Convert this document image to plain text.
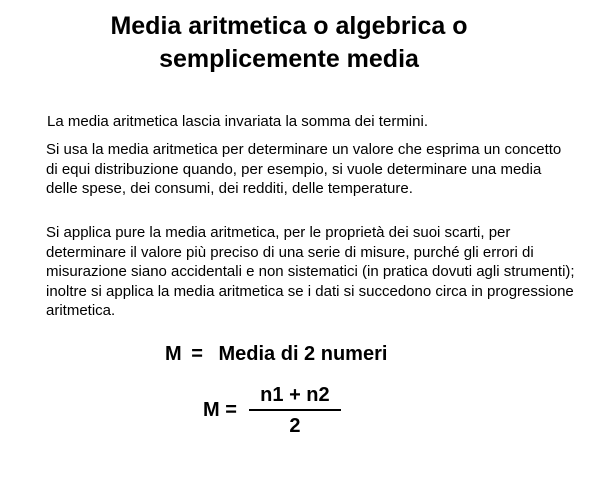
Media aritmetica o algebrica o
semplicemente media

La media aritmetica lascia invariata la somma dei termini.

Si usa la media aritmetica per determinare un valore che esprima un concetto di equi distribuzione quando, per esempio, si vuole determinare una media delle spese, dei consumi, dei redditi, delle temperature.

Si applica pure la media aritmetica, per le proprietà dei suoi scarti, per determinare il valore più preciso di una serie di misure, purché gli errori di misurazione siano accidentali e non sistematici (in pratica dovuti agli strumenti); inoltre si applica la media aritmetica se i dati si succedono circa in progressione aritmetica.

M = Media di 2 numeri
$M = \frac{n1 + n2}{2}$
